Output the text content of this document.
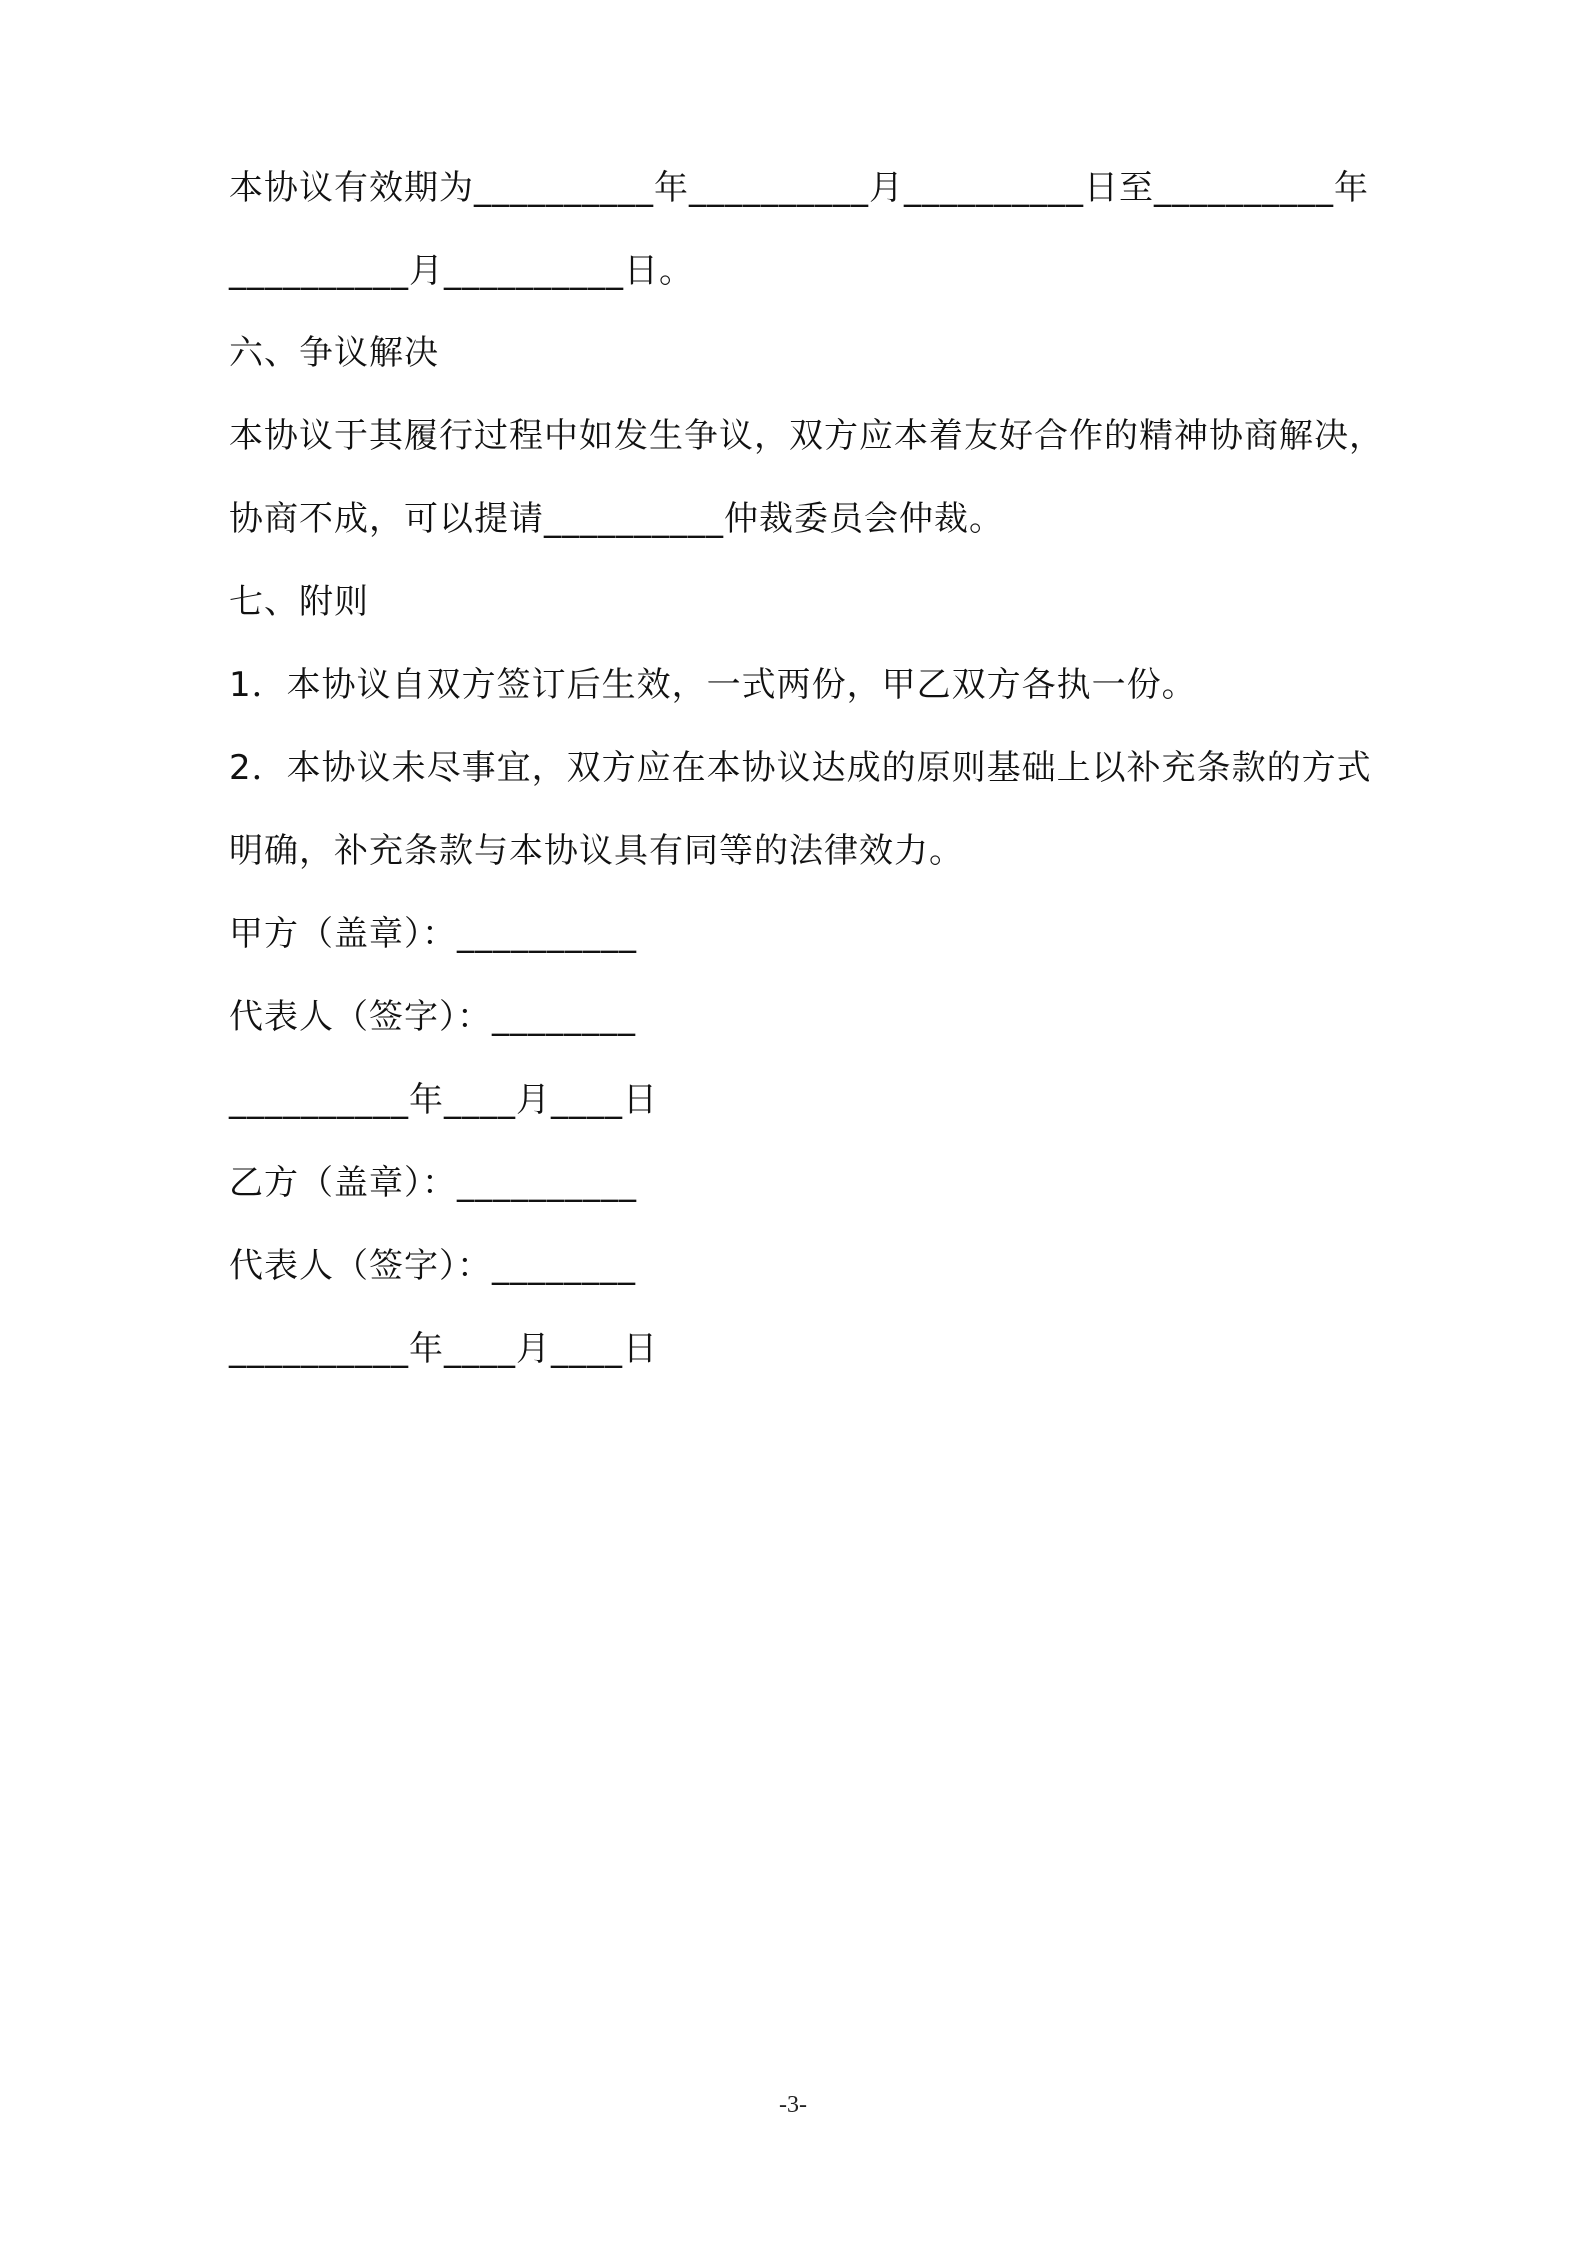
本协议有效期为__________年__________月__________日至__________年
__________月__________日。
六、争议解决
本协议于其履行过程中如发生争议，双方应本着友好合作的精神协商解决，
协商不成，可以提请__________仲裁委员会仲裁。
七、附则
1．本协议自双方签订后生效，一式两份，甲乙双方各执一份。
2．本协议未尽事宜，双方应在本协议达成的原则基础上以补充条款的方式
明确，补充条款与本协议具有同等的法律效力。
甲方（盖章）：__________
代表人（签字）：________
__________年____月____日
乙方（盖章）：__________
代表人（签字）：________
__________年____月____日
-3-
